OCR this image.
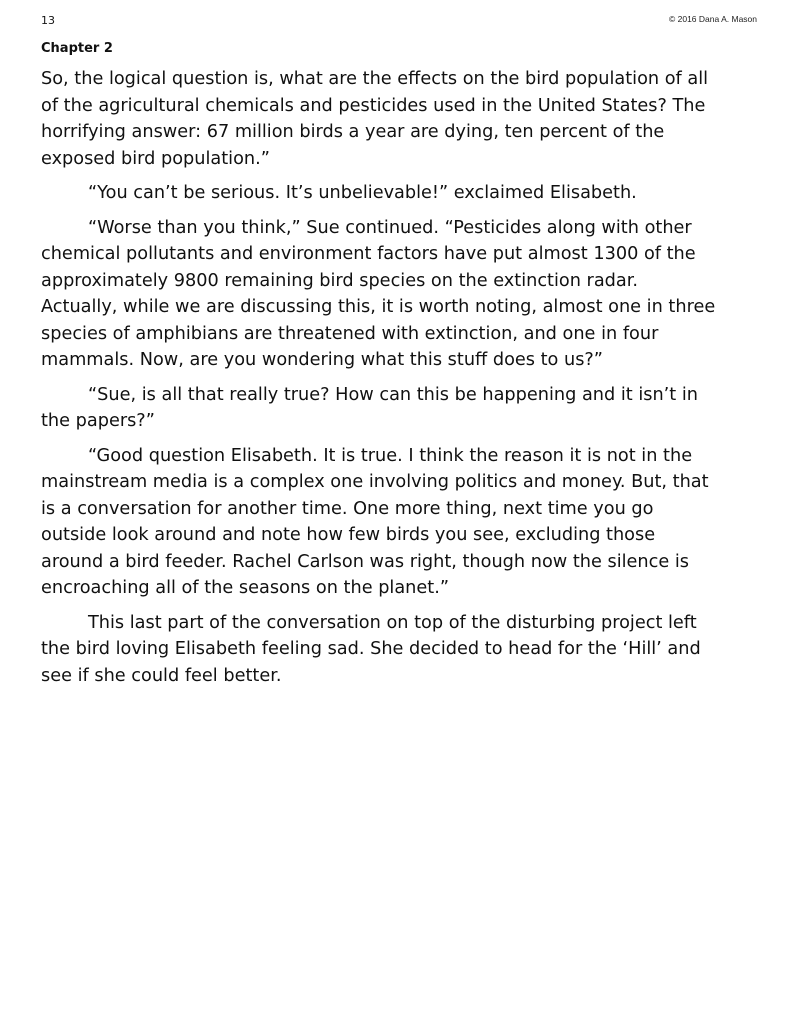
13	© 2016 Dana A. Mason
Chapter 2

So, the logical question is, what are the effects on the bird population of all
of the agricultural chemicals and pesticides used in the United States? The
horrifying answer: 67 million birds a year are dying, ten percent of the
exposed bird population.”

“You can’t be serious. It’s unbelievable!” exclaimed Elisabeth.

“Worse than you think,” Sue continued. “Pesticides along with other
chemical pollutants and environment factors have put almost 1300 of the
approximately 9800 remaining bird species on the extinction radar.
Actually, while we are discussing this, it is worth noting, almost one in three
species of amphibians are threatened with extinction, and one in four
mammals. Now, are you wondering what this stuff does to us?”

“Sue, is all that really true? How can this be happening and it isn’t in
the papers?”

“Good question Elisabeth. It is true. I think the reason it is not in the
mainstream media is a complex one involving politics and money. But, that
is a conversation for another time. One more thing, next time you go
outside look around and note how few birds you see, excluding those
around a bird feeder. Rachel Carlson was right, though now the silence is
encroaching all of the seasons on the planet.”

This last part of the conversation on top of the disturbing project left
the bird loving Elisabeth feeling sad. She decided to head for the ‘Hill’ and
see if she could feel better.
